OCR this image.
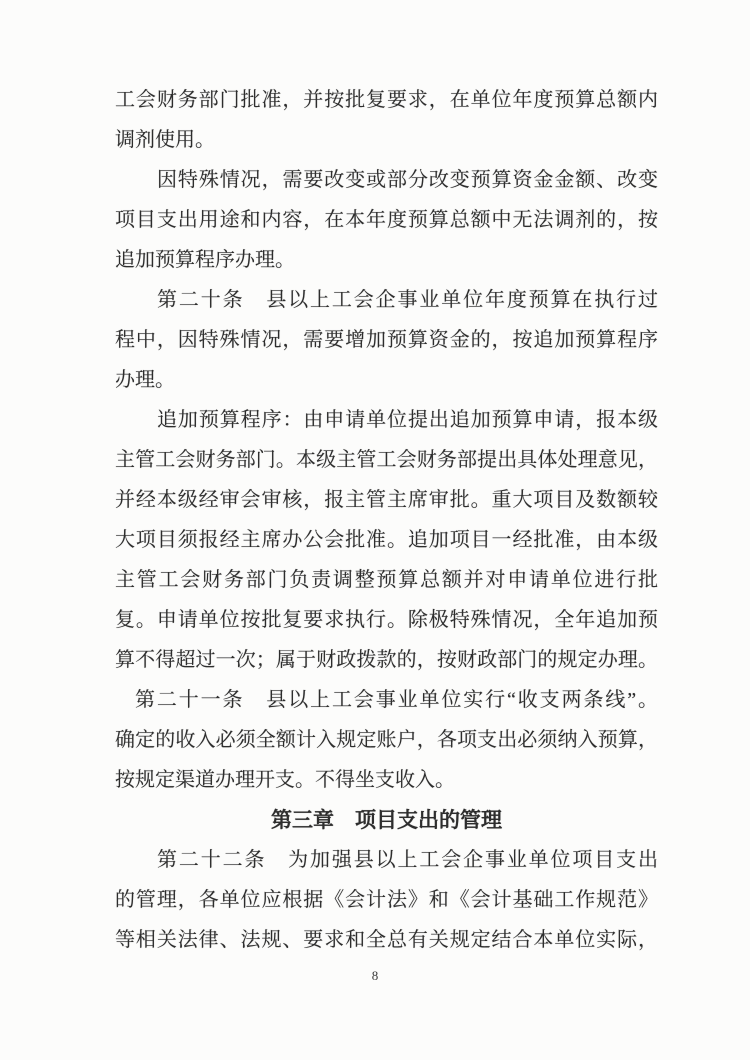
工会财务部门批准，并按批复要求，在单位年度预算总额内
调剂使用。
因特殊情况，需要改变或部分改变预算资金金额、改变
项目支出用途和内容，在本年度预算总额中无法调剂的，按
追加预算程序办理。
第二十条　县以上工会企事业单位年度预算在执行过
程中，因特殊情况，需要增加预算资金的，按追加预算程序
办理。
追加预算程序：由申请单位提出追加预算申请，报本级
主管工会财务部门。本级主管工会财务部提出具体处理意见，
并经本级经审会审核，报主管主席审批。重大项目及数额较
大项目须报经主席办公会批准。追加项目一经批准，由本级
主管工会财务部门负责调整预算总额并对申请单位进行批
复。申请单位按批复要求执行。除极特殊情况，全年追加预
算不得超过一次；属于财政拨款的，按财政部门的规定办理。
第二十一条　县以上工会事业单位实行“收支两条线”。
确定的收入必须全额计入规定账户，各项支出必须纳入预算，
按规定渠道办理开支。不得坐支收入。
第三章　项目支出的管理
第二十二条　为加强县以上工会企事业单位项目支出
的管理，各单位应根据《会计法》和《会计基础工作规范》
等相关法律、法规、要求和全总有关规定结合本单位实际，
8
